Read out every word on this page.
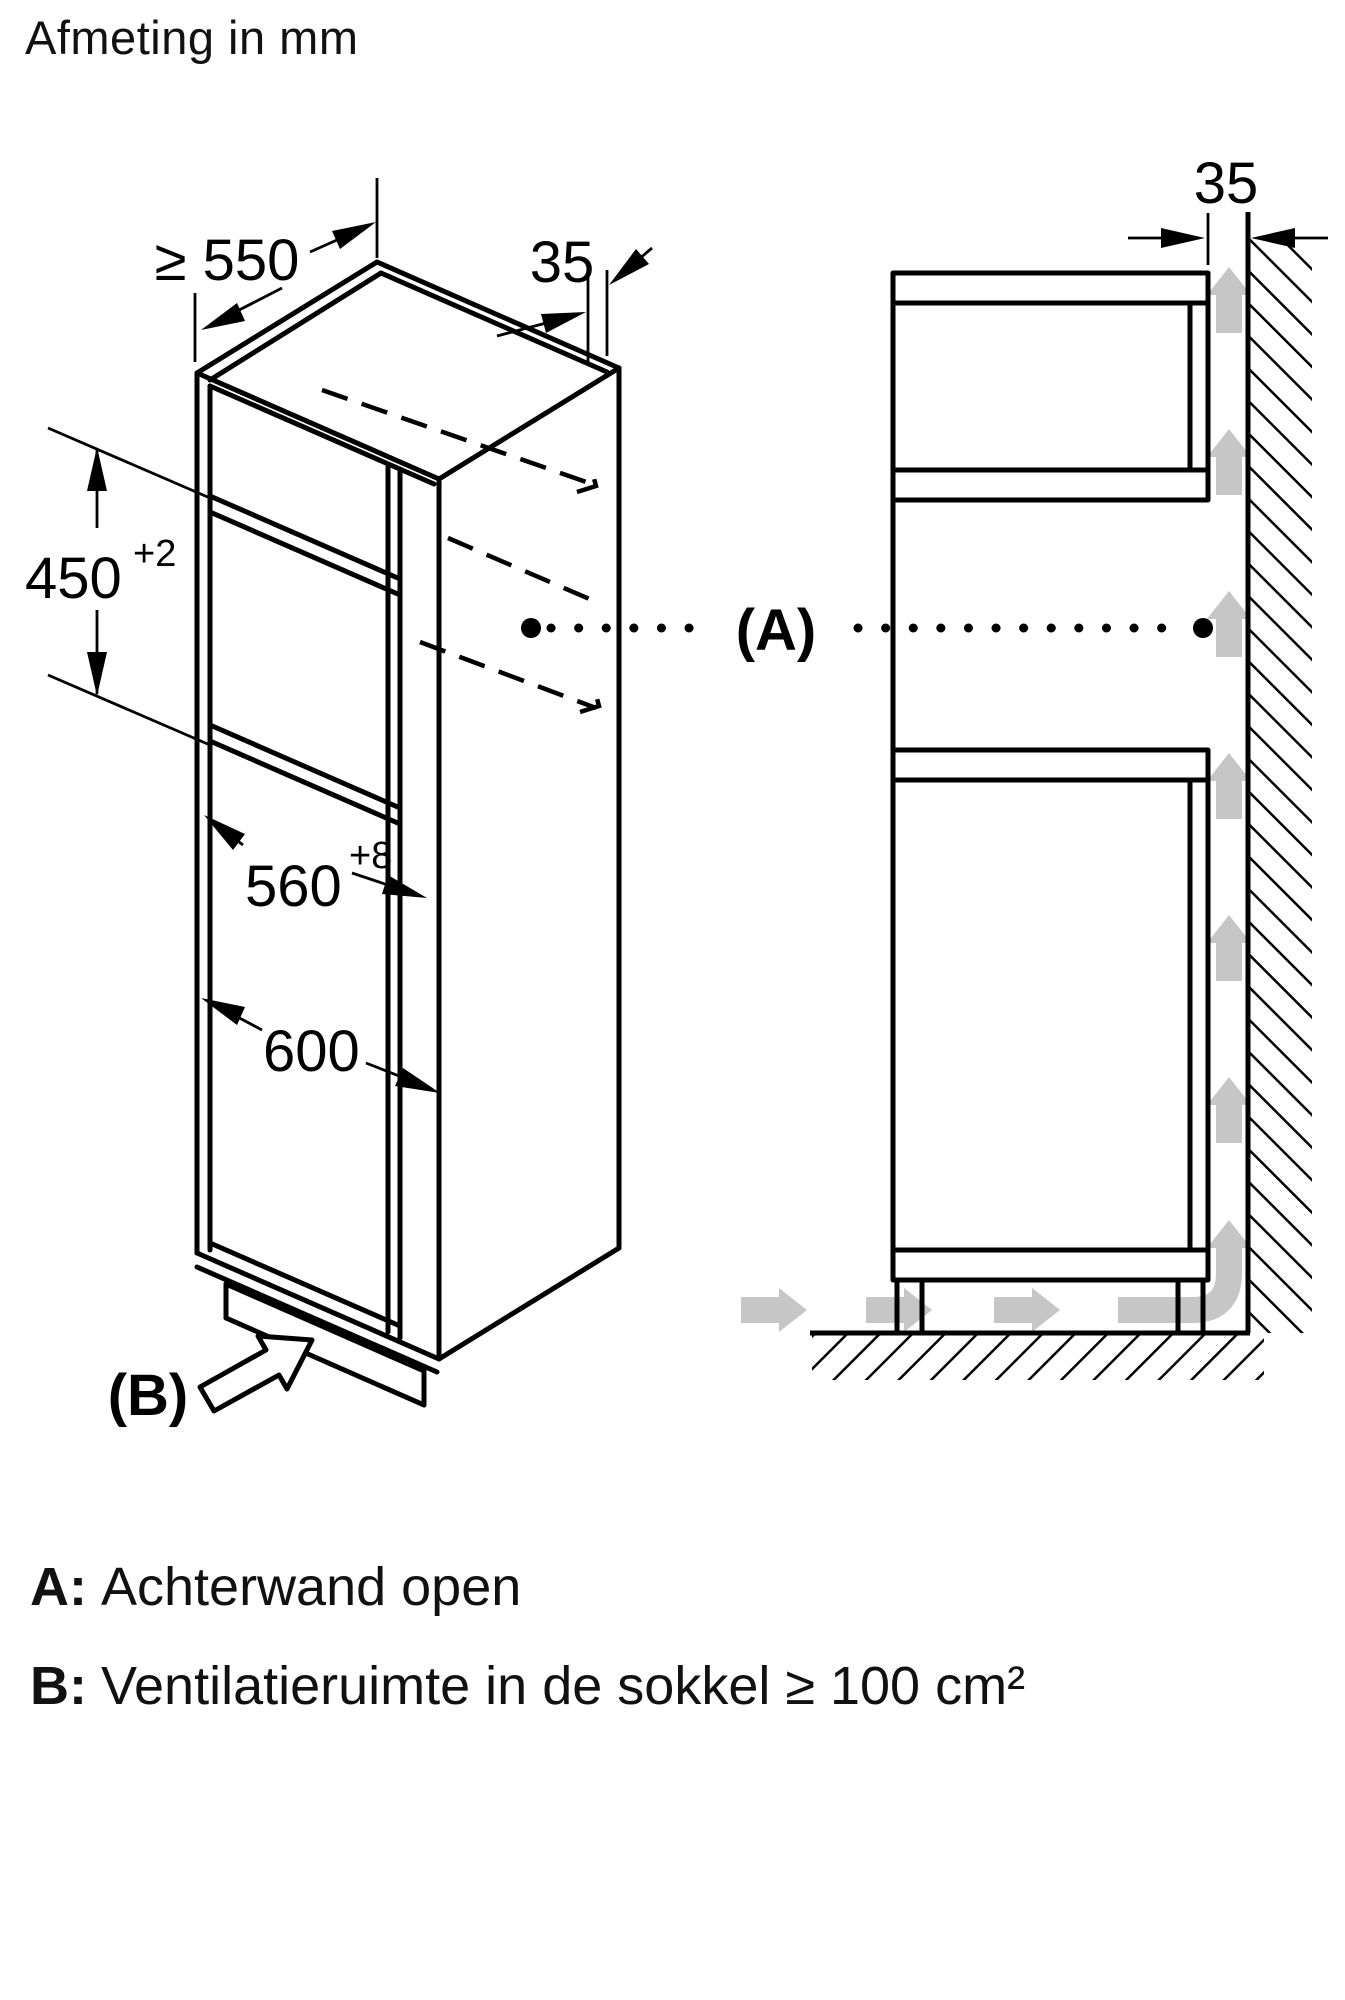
Afmeting in mm
35
(A)
≥ 550	35
450 +2
560 +8
600
(B)
A: Achterwand open
B: Ventilatieruimte in de sokkel ≥ 100 cm²
